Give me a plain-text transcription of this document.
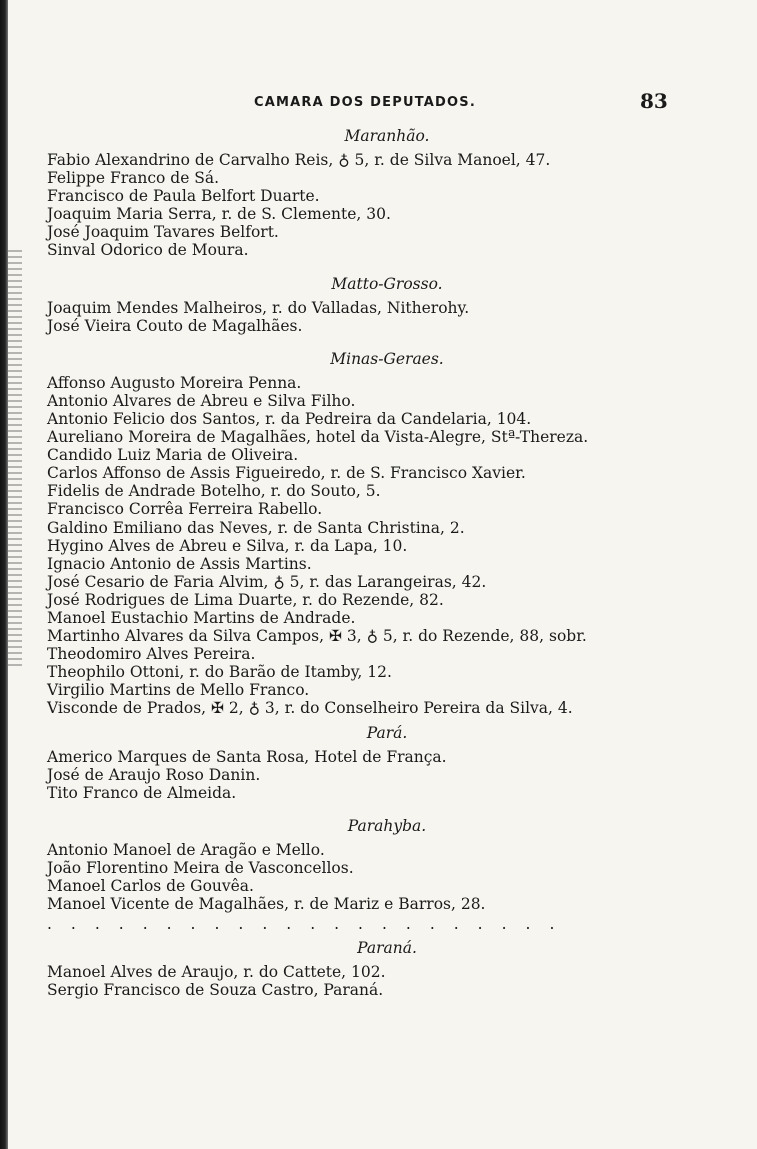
CAMARA DOS DEPUTADOS.	83
Maranhão.
Fabio Alexandrino de Carvalho Reis, ♁ 5, r. de Silva Manoel, 47.
Felippe Franco de Sá.
Francisco de Paula Belfort Duarte.
Joaquim Maria Serra, r. de S. Clemente, 30.
José Joaquim Tavares Belfort.
Sinval Odorico de Moura.
Matto-Grosso.
Joaquim Mendes Malheiros, r. do Valladas, Nitherohy.
José Vieira Couto de Magalhães.
Minas-Geraes.
Affonso Augusto Moreira Penna.
Antonio Alvares de Abreu e Silva Filho.
Antonio Felicio dos Santos, r. da Pedreira da Candelaria, 104.
Aureliano Moreira de Magalhães, hotel da Vista-Alegre, Stª-Thereza.
Candido Luiz Maria de Oliveira.
Carlos Affonso de Assis Figueiredo, r. de S. Francisco Xavier.
Fidelis de Andrade Botelho, r. do Souto, 5.
Francisco Corrêa Ferreira Rabello.
Galdino Emiliano das Neves, r. de Santa Christina, 2.
Hygino Alves de Abreu e Silva, r. da Lapa, 10.
Ignacio Antonio de Assis Martins.
José Cesario de Faria Alvim, ♁ 5, r. das Larangeiras, 42.
José Rodrigues de Lima Duarte, r. do Rezende, 82.
Manoel Eustachio Martins de Andrade.
Martinho Alvares da Silva Campos, ✠ 3, ♁ 5, r. do Rezende, 88, sobr.
Theodomiro Alves Pereira.
Theophilo Ottoni, r. do Barão de Itamby, 12.
Virgilio Martins de Mello Franco.
Visconde de Prados, ✠ 2, ♁ 3, r. do Conselheiro Pereira da Silva, 4.
Pará.
Americo Marques de Santa Rosa, Hotel de França.
José de Araujo Roso Danin.
Tito Franco de Almeida.
Parahyba.
Antonio Manoel de Aragão e Mello.
João Florentino Meira de Vasconcellos.
Manoel Carlos de Gouvêa.
Manoel Vicente de Magalhães, r. de Mariz e Barros, 28.
......................
Paraná.
Manoel Alves de Araujo, r. do Cattete, 102.
Sergio Francisco de Souza Castro, Paraná.
